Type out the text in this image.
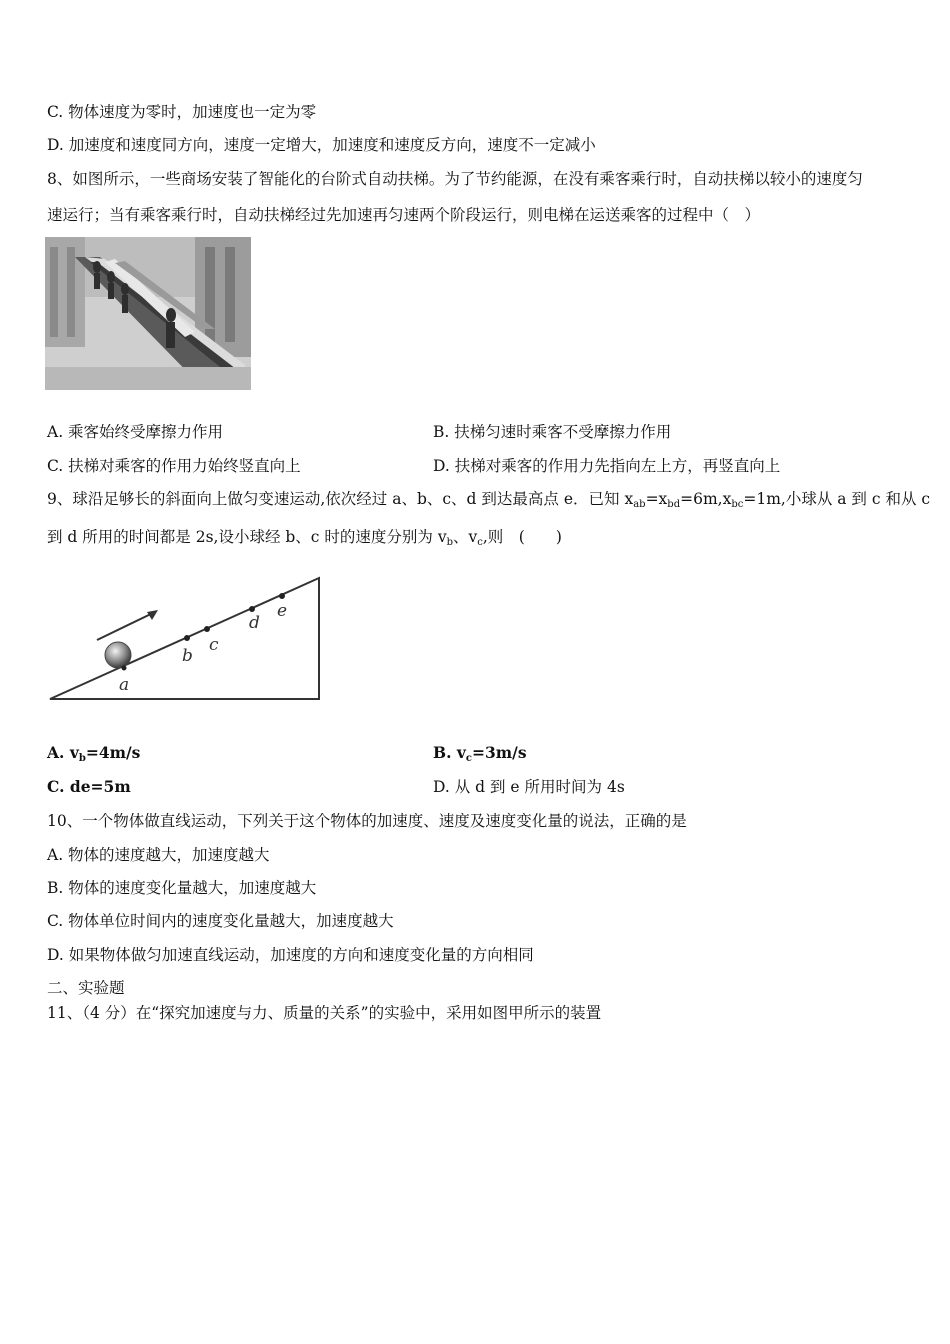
C. 物体速度为零时，加速度也一定为零
D. 加速度和速度同方向，速度一定增大，加速度和速度反方向，速度不一定减小
8、如图所示，一些商场安装了智能化的台阶式自动扶梯。为了节约能源，在没有乘客乘行时，自动扶梯以较小的速度匀
速运行；当有乘客乘行时，自动扶梯经过先加速再匀速两个阶段运行，则电梯在运送乘客的过程中（　）
A. 乘客始终受摩擦力作用	B. 扶梯匀速时乘客不受摩擦力作用
C. 扶梯对乘客的作用力始终竖直向上	D. 扶梯对乘客的作用力先指向左上方，再竖直向上
9、球沿足够长的斜面向上做匀变速运动,依次经过 a、b、c、d 到达最高点 e．已知 $x_{ab}=x_{bd}=6m,x_{bc}=1m$,小球从 a 到 c 和从 c
到 d 所用的时间都是 2s,设小球经 b、c 时的速度分别为 $v_b$、$v_c$,则　(　　)
a
b
c
d
e
A. $v_b=4m/s$	B. $v_c=3m/s$
C. de=5m	D. 从 d 到 e 所用时间为 4s
10、一个物体做直线运动，下列关于这个物体的加速度、速度及速度变化量的说法，正确的是
A. 物体的速度越大，加速度越大
B. 物体的速度变化量越大，加速度越大
C. 物体单位时间内的速度变化量越大，加速度越大
D. 如果物体做匀加速直线运动，加速度的方向和速度变化量的方向相同
二、实验题
11、（4 分）在“探究加速度与力、质量的关系”的实验中，采用如图甲所示的装置
